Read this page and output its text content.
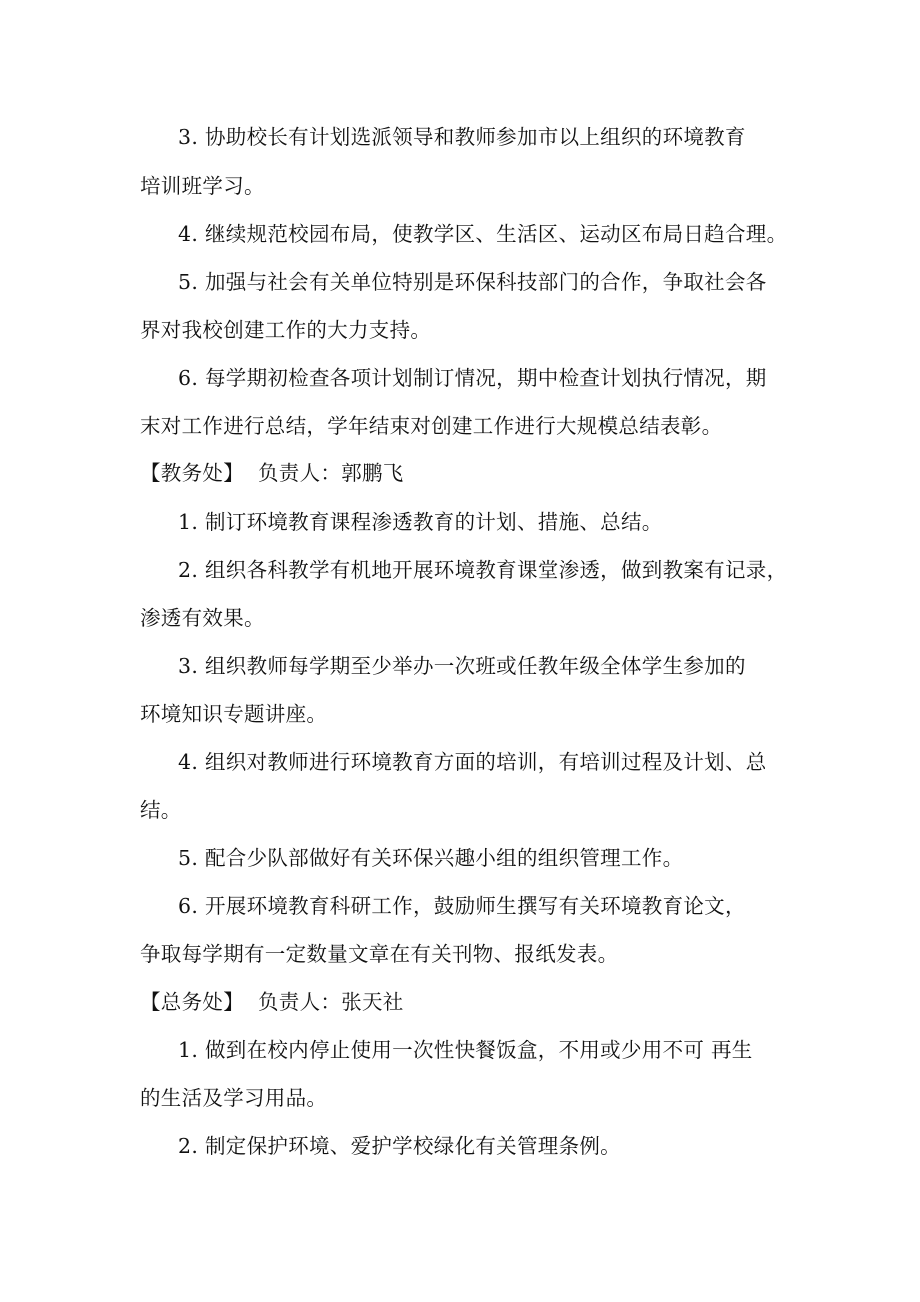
3. 协助校长有计划选派领导和教师参加市以上组织的环境教育

培训班学习。

4. 继续规范校园布局，使教学区、生活区、运动区布局日趋合理。

5. 加强与社会有关单位特别是环保科技部门的合作，争取社会各

界对我校创建工作的大力支持。

6. 每学期初检查各项计划制订情况，期中检查计划执行情况，期

末对工作进行总结，学年结束对创建工作进行大规模总结表彰。

【教务处】 负责人：郭鹏飞

1. 制订环境教育课程渗透教育的计划、措施、总结。

2. 组织各科教学有机地开展环境教育课堂渗透，做到教案有记录，

渗透有效果。

3. 组织教师每学期至少举办一次班或任教年级全体学生参加的

环境知识专题讲座。

4. 组织对教师进行环境教育方面的培训，有培训过程及计划、总

结。

5. 配合少队部做好有关环保兴趣小组的组织管理工作。

6. 开展环境教育科研工作，鼓励师生撰写有关环境教育论文，

争取每学期有一定数量文章在有关刊物、报纸发表。

【总务处】 负责人：张天社

1. 做到在校内停止使用一次性快餐饭盒，不用或少用不可 再生

的生活及学习用品。

2. 制定保护环境、爱护学校绿化有关管理条例。
